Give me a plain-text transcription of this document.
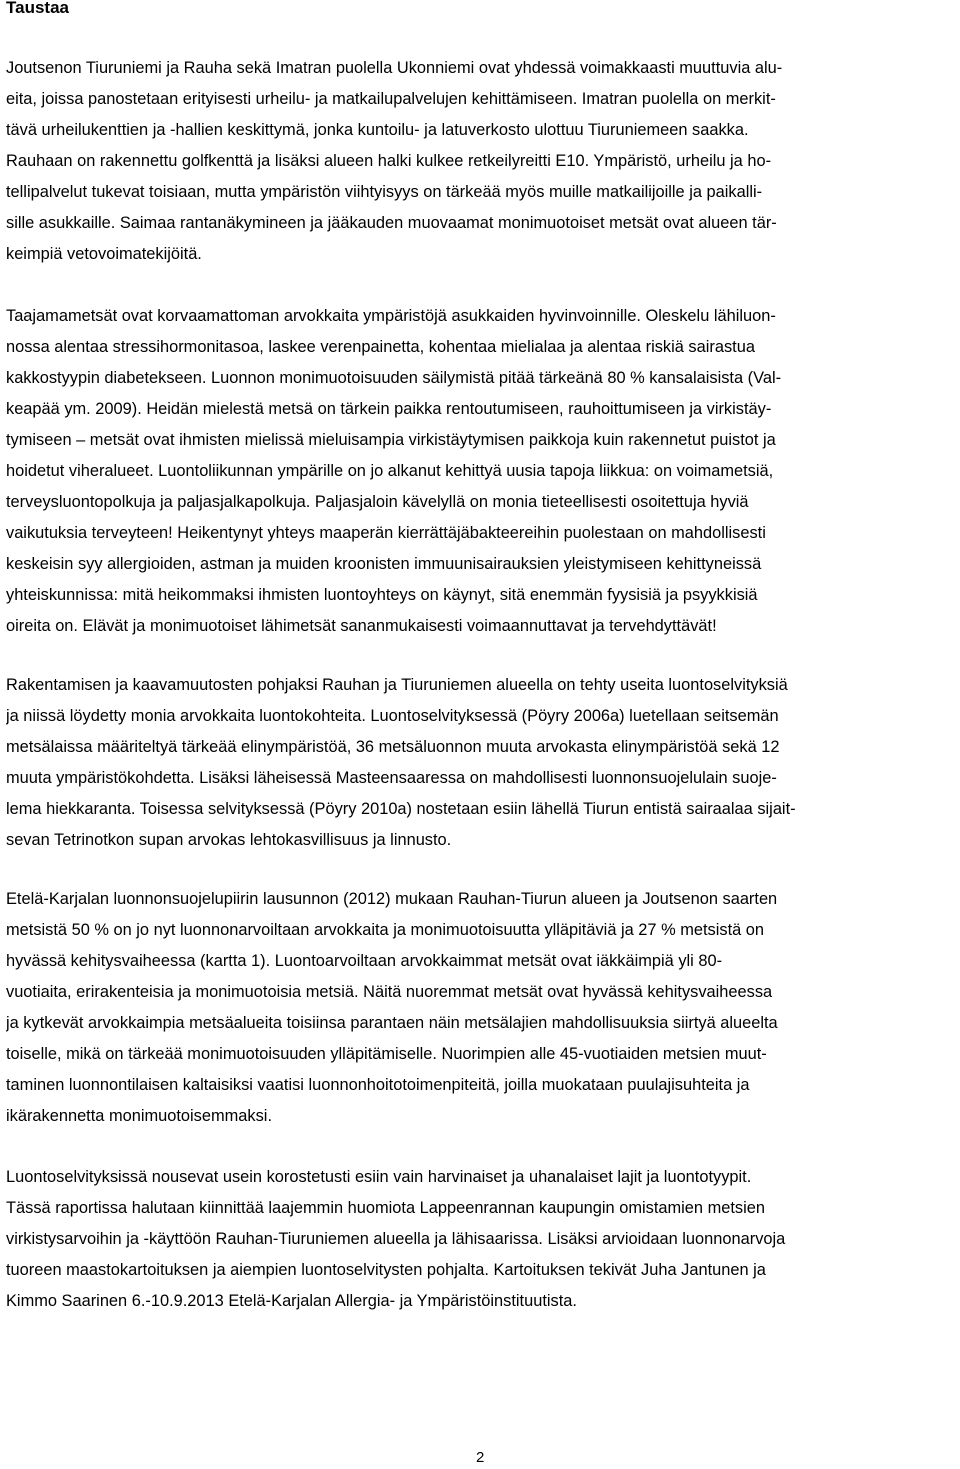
Taustaa

Joutsenon Tiuruniemi ja Rauha sekä Imatran puolella Ukonniemi ovat yhdessä voimakkaasti muuttuvia alu-
eita, joissa panostetaan erityisesti urheilu- ja matkailupalvelujen kehittämiseen. Imatran puolella on merkit-
tävä urheilukenttien ja -hallien keskittymä, jonka kuntoilu- ja latuverkosto ulottuu Tiuruniemeen saakka.
Rauhaan on rakennettu golfkenttä ja lisäksi alueen halki kulkee retkeilyreitti E10. Ympäristö, urheilu ja ho-
tellipalvelut tukevat toisiaan, mutta ympäristön viihtyisyys on tärkeää myös muille matkailijoille ja paikalli-
sille asukkaille. Saimaa rantanäkymineen ja jääkauden muovaamat monimuotoiset metsät ovat alueen tär-
keimpiä vetovoimatekijöitä.

Taajamametsät ovat korvaamattoman arvokkaita ympäristöjä asukkaiden hyvinvoinnille. Oleskelu lähiluon-
nossa alentaa stressihormonitasoa, laskee verenpainetta, kohentaa mielialaa ja alentaa riskiä sairastua
kakkostyypin diabetekseen. Luonnon monimuotoisuuden säilymistä pitää tärkeänä 80 % kansalaisista (Val-
keapää ym. 2009). Heidän mielestä metsä on tärkein paikka rentoutumiseen, rauhoittumiseen ja virkistäy-
tymiseen – metsät ovat ihmisten mielissä mieluisampia virkistäytymisen paikkoja kuin rakennetut puistot ja
hoidetut viheralueet. Luontoliikunnan ympärille on jo alkanut kehittyä uusia tapoja liikkua: on voimametsiä,
terveysluontopolkuja ja paljasjalkapolkuja. Paljasjaloin kävelyllä on monia tieteellisesti osoitettuja hyviä
vaikutuksia terveyteen! Heikentynyt yhteys maaperän kierrättäjäbakteereihin puolestaan on mahdollisesti
keskeisin syy allergioiden, astman ja muiden kroonisten immuunisairauksien yleistymiseen kehittyneissä
yhteiskunnissa: mitä heikommaksi ihmisten luontoyhteys on käynyt, sitä enemmän fyysisiä ja psyykkisiä
oireita on. Elävät ja monimuotoiset lähimetsät sananmukaisesti voimaannuttavat ja tervehdyttävät!

Rakentamisen ja kaavamuutosten pohjaksi Rauhan ja Tiuruniemen alueella on tehty useita luontoselvityksiä
ja niissä löydetty monia arvokkaita luontokohteita. Luontoselvityksessä (Pöyry 2006a) luetellaan seitsemän
metsälaissa määriteltyä tärkeää elinympäristöä, 36 metsäluonnon muuta arvokasta elinympäristöä sekä 12
muuta ympäristökohdetta. Lisäksi läheisessä Masteensaaressa on mahdollisesti luonnonsuojelulain suoje-
lema hiekkaranta. Toisessa selvityksessä (Pöyry 2010a) nostetaan esiin lähellä Tiurun entistä sairaalaa sijait-
sevan Tetrinotkon supan arvokas lehtokasvillisuus ja linnusto.

Etelä-Karjalan luonnonsuojelupiirin lausunnon (2012) mukaan Rauhan-Tiurun alueen ja Joutsenon saarten
metsistä 50 % on jo nyt luonnonarvoiltaan arvokkaita ja monimuotoisuutta ylläpitäviä ja 27 % metsistä on
hyvässä kehitysvaiheessa (kartta 1). Luontoarvoiltaan arvokkaimmat metsät ovat iäkkäimpiä yli 80-
vuotiaita, erirakenteisia ja monimuotoisia metsiä. Näitä nuoremmat metsät ovat hyvässä kehitysvaiheessa
ja kytkevät arvokkaimpia metsäalueita toisiinsa parantaen näin metsälajien mahdollisuuksia siirtyä alueelta
toiselle, mikä on tärkeää monimuotoisuuden ylläpitämiselle. Nuorimpien alle 45-vuotiaiden metsien muut-
taminen luonnontilaisen kaltaisiksi vaatisi luonnonhoitotoimenpiteitä, joilla muokataan puulajisuhteita ja
ikärakennetta monimuotoisemmaksi.

Luontoselvityksissä nousevat usein korostetusti esiin vain harvinaiset ja uhanalaiset lajit ja luontotyypit.
Tässä raportissa halutaan kiinnittää laajemmin huomiota Lappeenrannan kaupungin omistamien metsien
virkistysarvoihin ja -käyttöön Rauhan-Tiuruniemen alueella ja lähisaarissa. Lisäksi arvioidaan luonnonarvoja
tuoreen maastokartoituksen ja aiempien luontoselvitysten pohjalta. Kartoituksen tekivät Juha Jantunen ja
Kimmo Saarinen 6.-10.9.2013 Etelä-Karjalan Allergia- ja Ympäristöinstituutista.

2
